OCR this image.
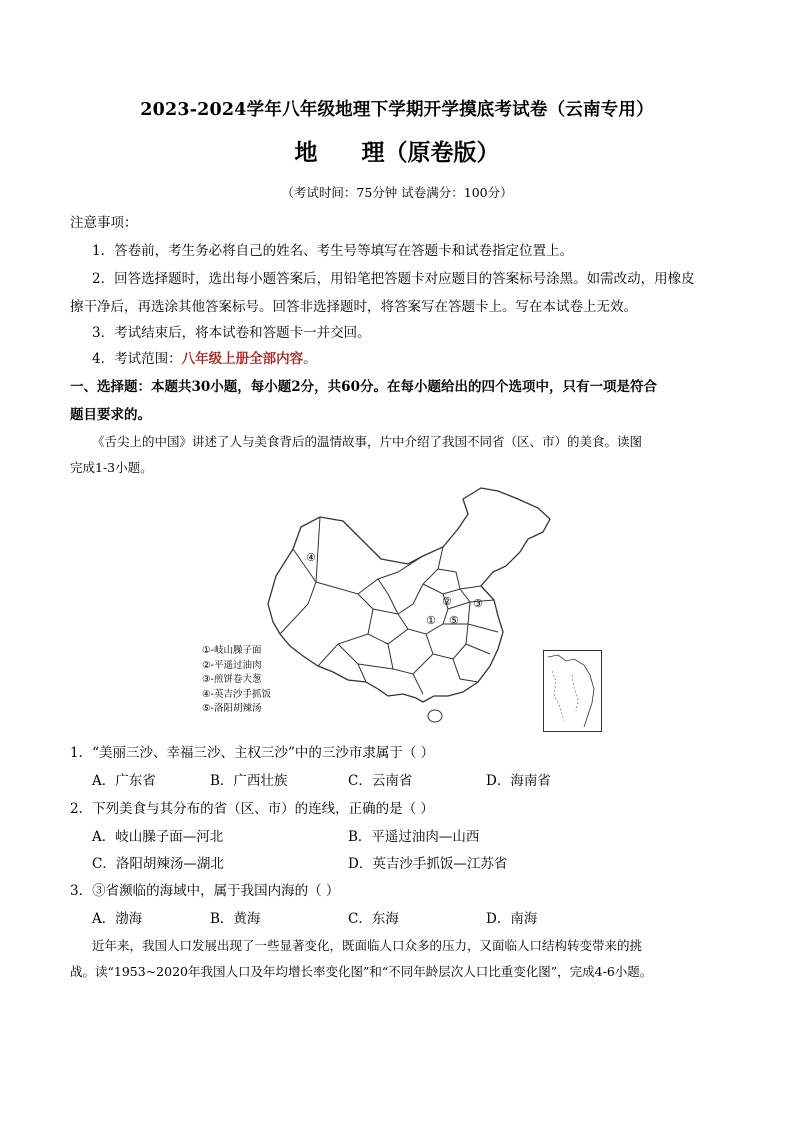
2023-2024学年八年级地理下学期开学摸底考试卷（云南专用）
地 理（原卷版）
（考试时间：75分钟 试卷满分：100分）
注意事项：
1．答卷前，考生务必将自己的姓名、考生号等填写在答题卡和试卷指定位置上。
2．回答选择题时，选出每小题答案后，用铅笔把答题卡对应题目的答案标号涂黑。如需改动，用橡皮
擦干净后，再选涂其他答案标号。回答非选择题时，将答案写在答题卡上。写在本试卷上无效。
3．考试结束后，将本试卷和答题卡一并交回。
4．考试范围：八年级上册全部内容。
一、选择题：本题共30小题，每小题2分，共60分。在每小题给出的四个选项中，只有一项是符合
题目要求的。
《舌尖上的中国》讲述了人与美食背后的温情故事，片中介绍了我国不同省（区、市）的美食。读图
完成1-3小题。
④
② ③
① ⑤
①-岐山臊子面
②-平遥过油肉
③-煎饼卷大葱
④-英吉沙手抓饭
⑤-洛阳胡辣汤
1．“美丽三沙、幸福三沙、主权三沙”中的三沙市隶属于（ ）
A．广东省	B．广西壮族	C．云南省	D．海南省
2．下列美食与其分布的省（区、市）的连线，正确的是（ ）
A．岐山臊子面—河北	B．平遥过油肉—山西
C．洛阳胡辣汤—湖北	D．英吉沙手抓饭—江苏省
3．③省濒临的海域中，属于我国内海的（ ）
A．渤海	B．黄海	C．东海	D．南海
近年来，我国人口发展出现了一些显著变化，既面临人口众多的压力，又面临人口结构转变带来的挑
战。读“1953~2020年我国人口及年均增长率变化图”和“不同年龄层次人口比重变化图”，完成4-6小题。
